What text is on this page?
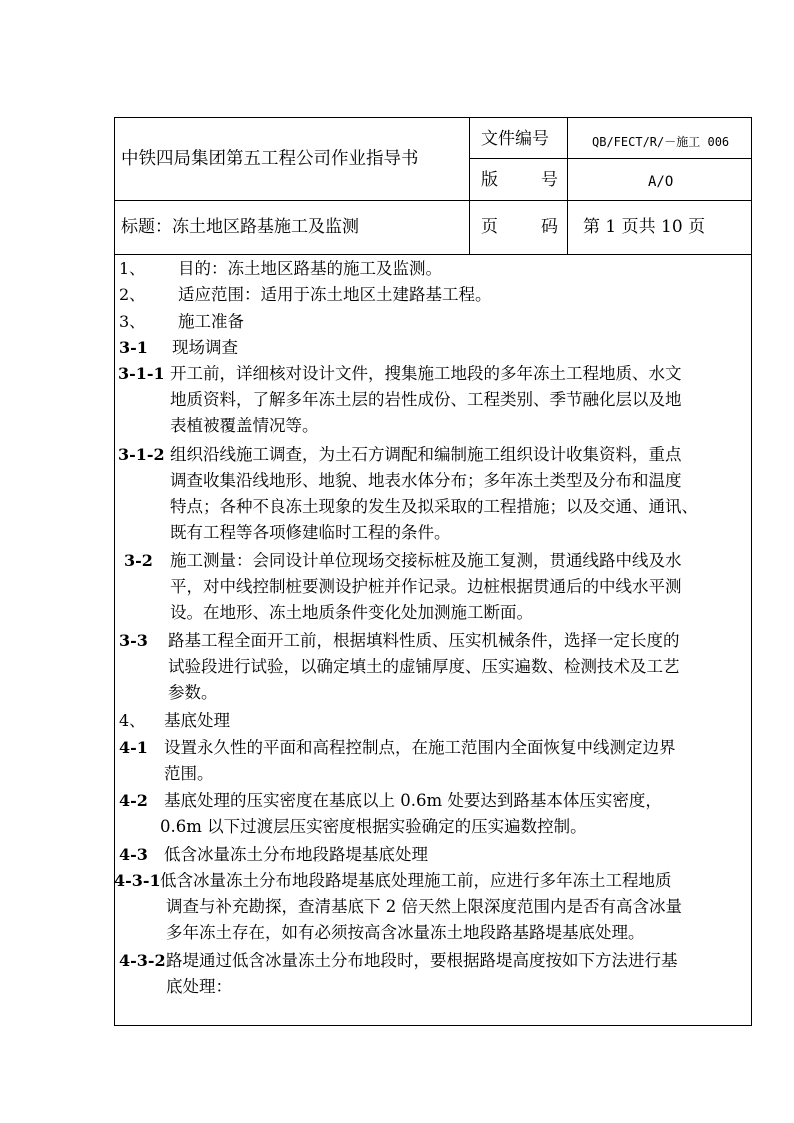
中铁四局集团第五工程公司作业指导书
文件编号	QB/FECT/R/－施工 006
版	号	A/O
标题：冻土地区路基施工及监测	页	码 第 1 页共 10 页
1、 目的：冻土地区路基的施工及监测。
2、 适应范围：适用于冻土地区土建路基工程。
3、 施工准备
3-1 现场调查
3-1-1 开工前，详细核对设计文件，搜集施工地段的多年冻土工程地质、水文
地质资料，了解多年冻土层的岩性成份、工程类别、季节融化层以及地
表植被覆盖情况等。
3-1-2 组织沿线施工调查，为土石方调配和编制施工组织设计收集资料，重点
调查收集沿线地形、地貌、地表水体分布；多年冻土类型及分布和温度
特点；各种不良冻土现象的发生及拟采取的工程措施；以及交通、通讯、
既有工程等各项修建临时工程的条件。
3-2 施工测量：会同设计单位现场交接标桩及施工复测，贯通线路中线及水
平，对中线控制桩要测设护桩并作记录。边桩根据贯通后的中线水平测
设。在地形、冻土地质条件变化处加测施工断面。
3-3 路基工程全面开工前，根据填料性质、压实机械条件，选择一定长度的
试验段进行试验，以确定填土的虚铺厚度、压实遍数、检测技术及工艺
参数。
4、 基底处理
4-1 设置永久性的平面和高程控制点，在施工范围内全面恢复中线测定边界
范围。
4-2 基底处理的压实密度在基底以上 0.6m 处要达到路基本体压实密度，
0.6m 以下过渡层压实密度根据实验确定的压实遍数控制。
4-3 低含冰量冻土分布地段路堤基底处理
4-3-1 低含冰量冻土分布地段路堤基底处理施工前，应进行多年冻土工程地质
调查与补充勘探，查清基底下 2 倍天然上限深度范围内是否有高含冰量
多年冻土存在，如有必须按高含冰量冻土地段路基路堤基底处理。
4-3-2 路堤通过低含冰量冻土分布地段时，要根据路堤高度按如下方法进行基
底处理：
